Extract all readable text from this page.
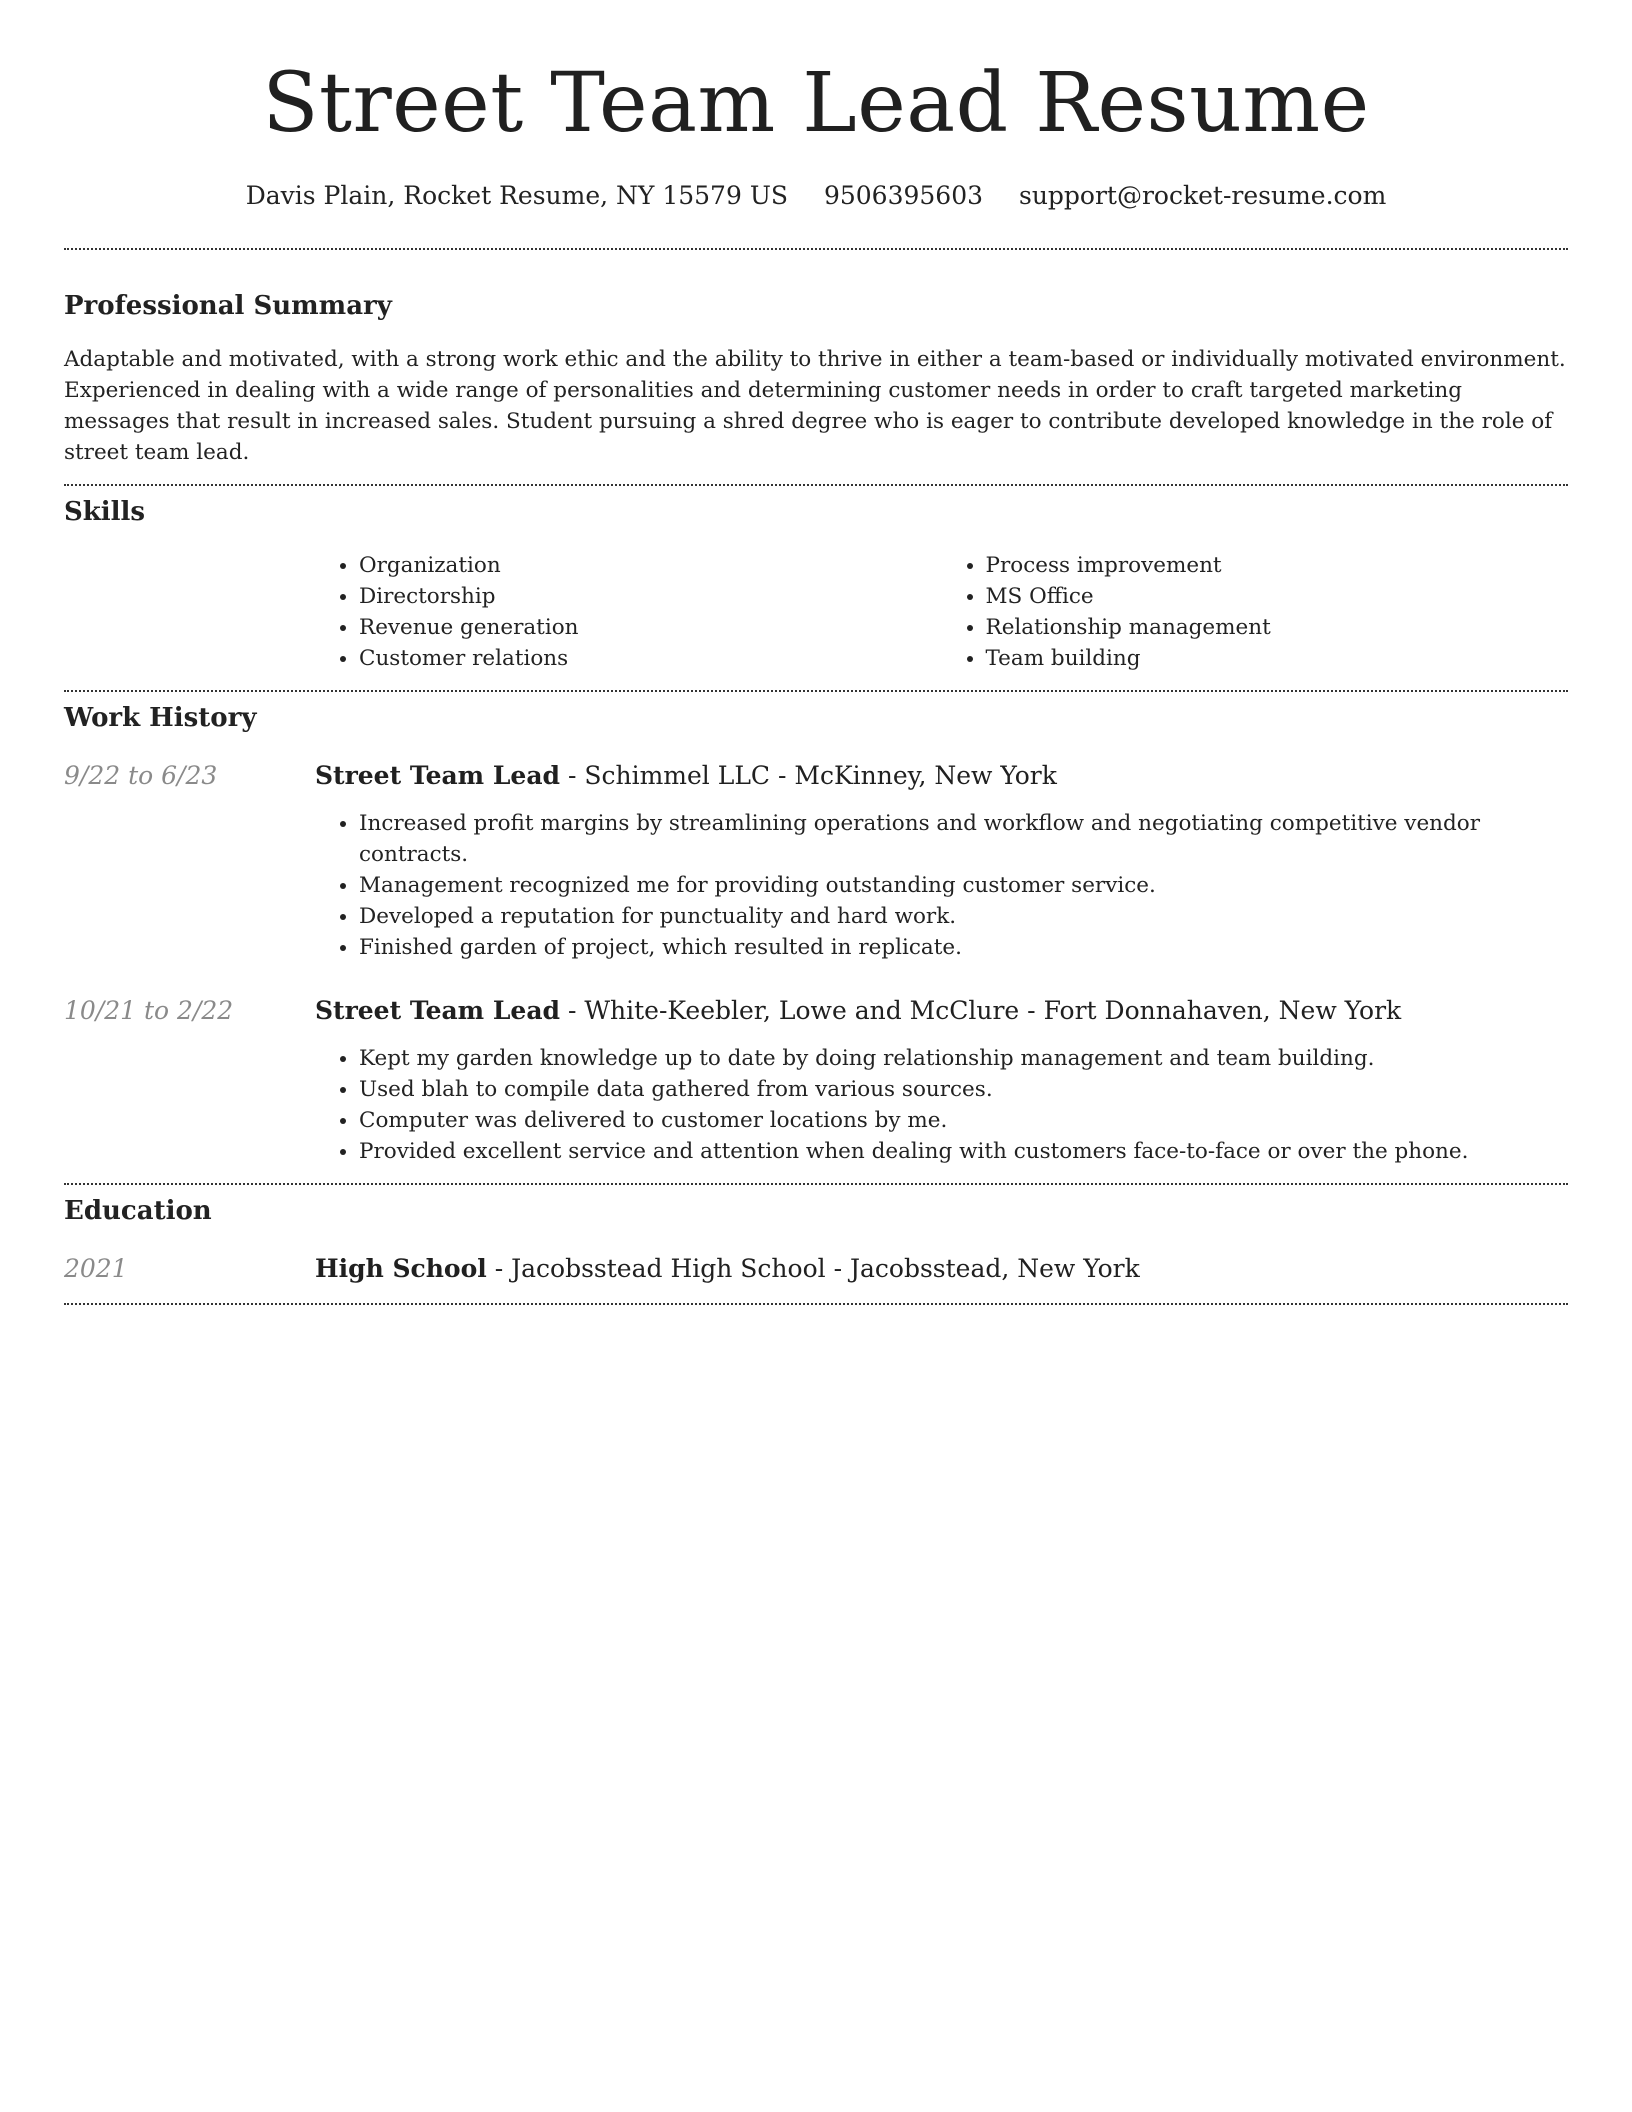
Street Team Lead Resume
Davis Plain, Rocket Resume, NY 15579 US 9506395603 support@rocket-resume.com
Professional Summary

Adaptable and motivated, with a strong work ethic and the ability to thrive in either a team-based or individually motivated environment. Experienced in dealing with a wide range of personalities and determining customer needs in order to craft targeted marketing messages that result in increased sales. Student pursuing a shred degree who is eager to contribute developed knowledge in the role of street team lead.

Skills
• Organization
• Directorship
• Revenue generation
• Customer relations
• Process improvement
• MS Office
• Relationship management
• Team building
Work History
9/22 to 6/23	Street Team Lead - Schimmel LLC - McKinney, New York
• Increased profit margins by streamlining operations and workflow and negotiating competitive vendor contracts.
• Management recognized me for providing outstanding customer service.
• Developed a reputation for punctuality and hard work.
• Finished garden of project, which resulted in replicate.
10/21 to 2/22	Street Team Lead - White-Keebler, Lowe and McClure - Fort Donnahaven, New York
• Kept my garden knowledge up to date by doing relationship management and team building.
• Used blah to compile data gathered from various sources.
• Computer was delivered to customer locations by me.
• Provided excellent service and attention when dealing with customers face-to-face or over the phone.
Education
2021	High School - Jacobsstead High School - Jacobsstead, New York
